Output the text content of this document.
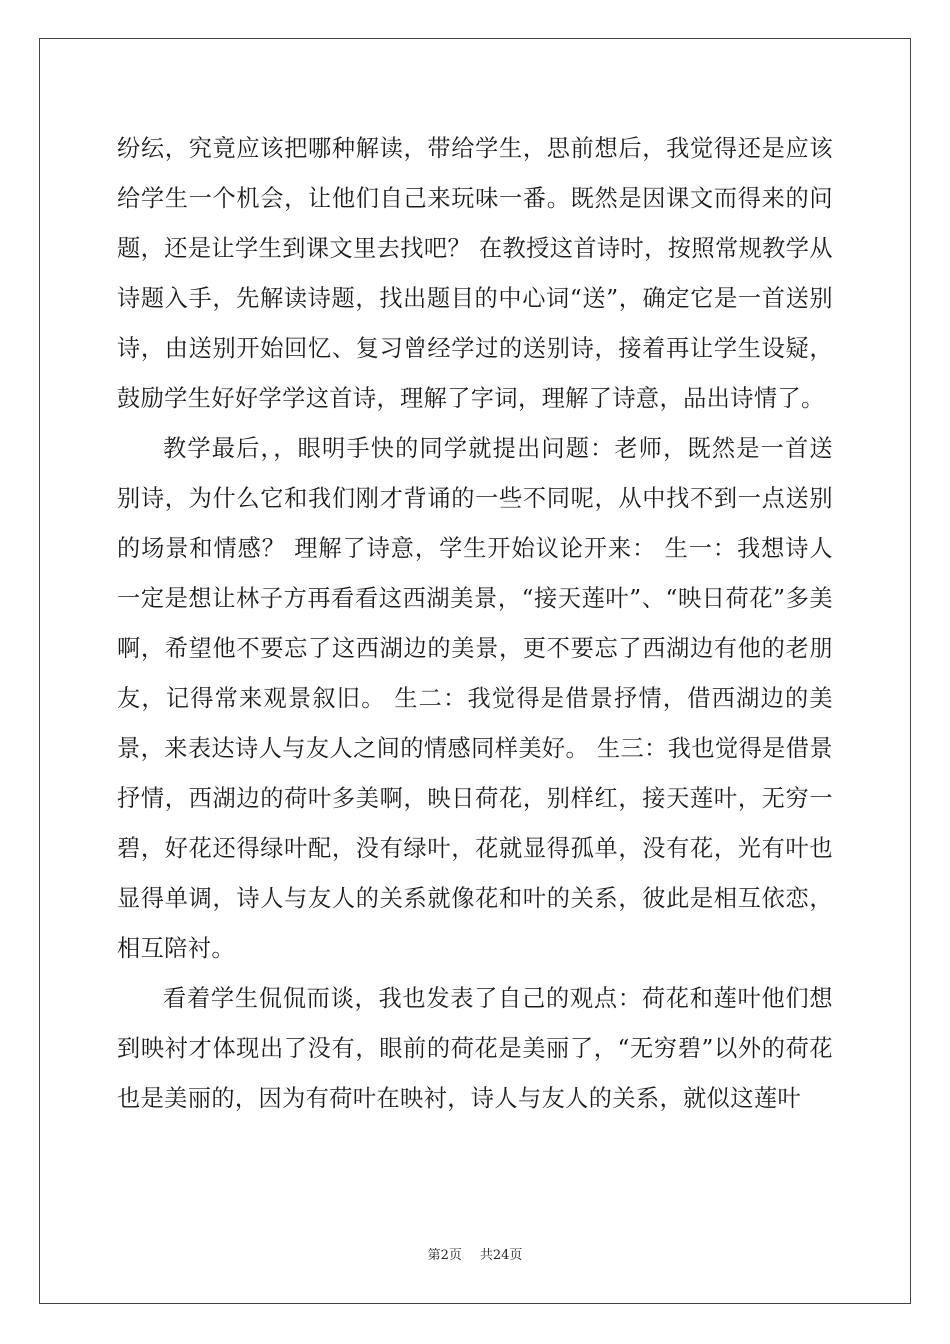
纷纭，究竟应该把哪种解读，带给学生，思前想后，我觉得还是应该给学生一个机会，让他们自己来玩味一番。既然是因课文而得来的问题，还是让学生到课文里去找吧？ 在教授这首诗时，按照常规教学从诗题入手，先解读诗题，找出题目的中心词“送”，确定它是一首送别诗，由送别开始回忆、复习曾经学过的送别诗，接着再让学生设疑，鼓励学生好好学学这首诗，理解了字词，理解了诗意，品出诗情了。

教学最后，，眼明手快的同学就提出问题：老师，既然是一首送别诗，为什么它和我们刚才背诵的一些不同呢，从中找不到一点送别的场景和情感？ 理解了诗意，学生开始议论开来： 生一：我想诗人一定是想让林子方再看看这西湖美景，“接天莲叶”、“映日荷花”多美啊，希望他不要忘了这西湖边的美景，更不要忘了西湖边有他的老朋友，记得常来观景叙旧。 生二：我觉得是借景抒情，借西湖边的美景，来表达诗人与友人之间的情感同样美好。 生三：我也觉得是借景抒情，西湖边的荷叶多美啊，映日荷花，别样红，接天莲叶，无穷一碧，好花还得绿叶配，没有绿叶，花就显得孤单，没有花，光有叶也显得单调，诗人与友人的关系就像花和叶的关系，彼此是相互依恋，相互陪衬。

看着学生侃侃而谈，我也发表了自己的观点：荷花和莲叶他们想到映衬才体现出了没有，眼前的荷花是美丽了，“无穷碧”以外的荷花也是美丽的，因为有荷叶在映衬，诗人与友人的关系，就似这莲叶

第2页 共24页
